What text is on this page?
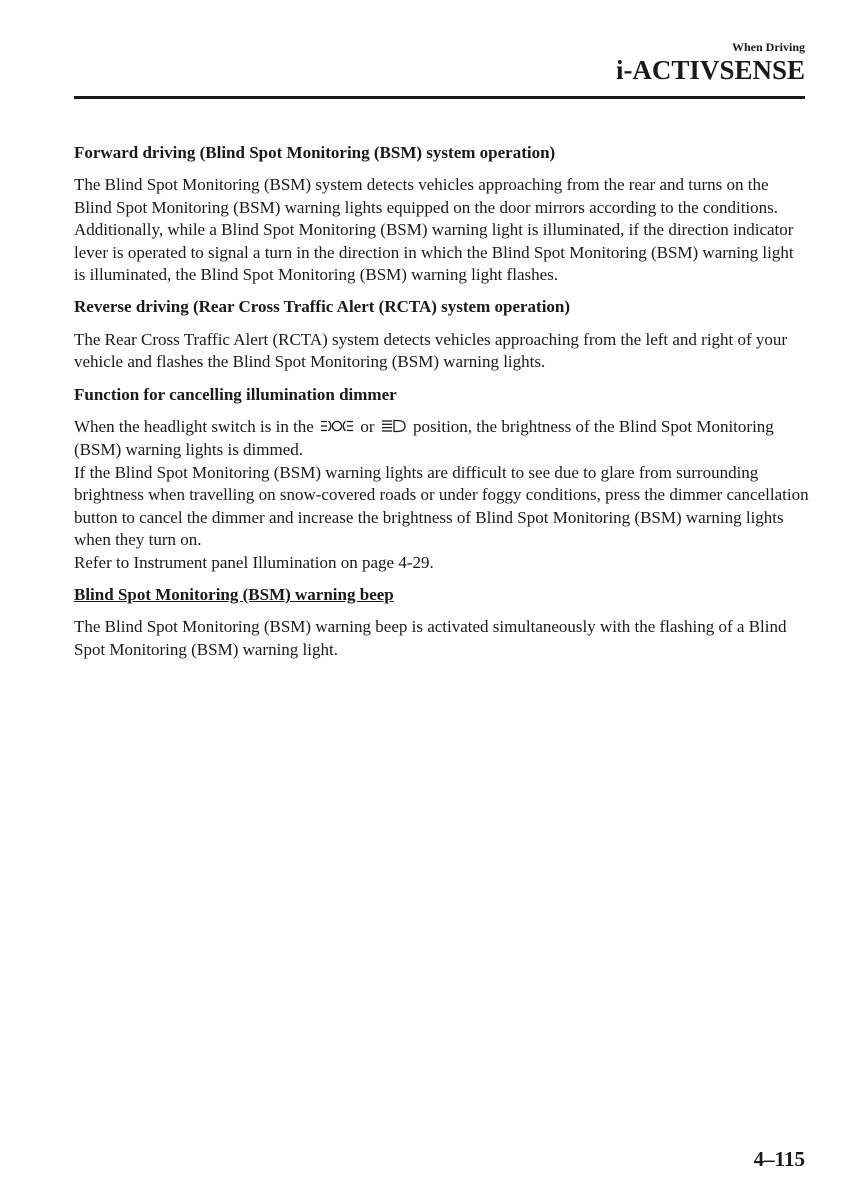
When Driving
i-ACTIVSENSE
Forward driving (Blind Spot Monitoring (BSM) system operation)

The Blind Spot Monitoring (BSM) system detects vehicles approaching from the rear and turns on the Blind Spot Monitoring (BSM) warning lights equipped on the door mirrors according to the conditions. Additionally, while a Blind Spot Monitoring (BSM) warning light is illuminated, if the direction indicator lever is operated to signal a turn in the direction in which the Blind Spot Monitoring (BSM) warning light is illuminated, the Blind Spot Monitoring (BSM) warning light flashes.

Reverse driving (Rear Cross Traffic Alert (RCTA) system operation)

The Rear Cross Traffic Alert (RCTA) system detects vehicles approaching from the left and right of your vehicle and flashes the Blind Spot Monitoring (BSM) warning lights.

Function for cancelling illumination dimmer

When the headlight switch is in the	or position, the brightness of the Blind Spot Monitoring (BSM) warning lights is dimmed.

If the Blind Spot Monitoring (BSM) warning lights are difficult to see due to glare from surrounding brightness when travelling on snow-covered roads or under foggy conditions, press the dimmer cancellation button to cancel the dimmer and increase the brightness of Blind Spot Monitoring (BSM) warning lights when they turn on.

Refer to Instrument panel Illumination on page 4-29.

Blind Spot Monitoring (BSM) warning beep

The Blind Spot Monitoring (BSM) warning beep is activated simultaneously with the flashing of a Blind Spot Monitoring (BSM) warning light.

4–115
